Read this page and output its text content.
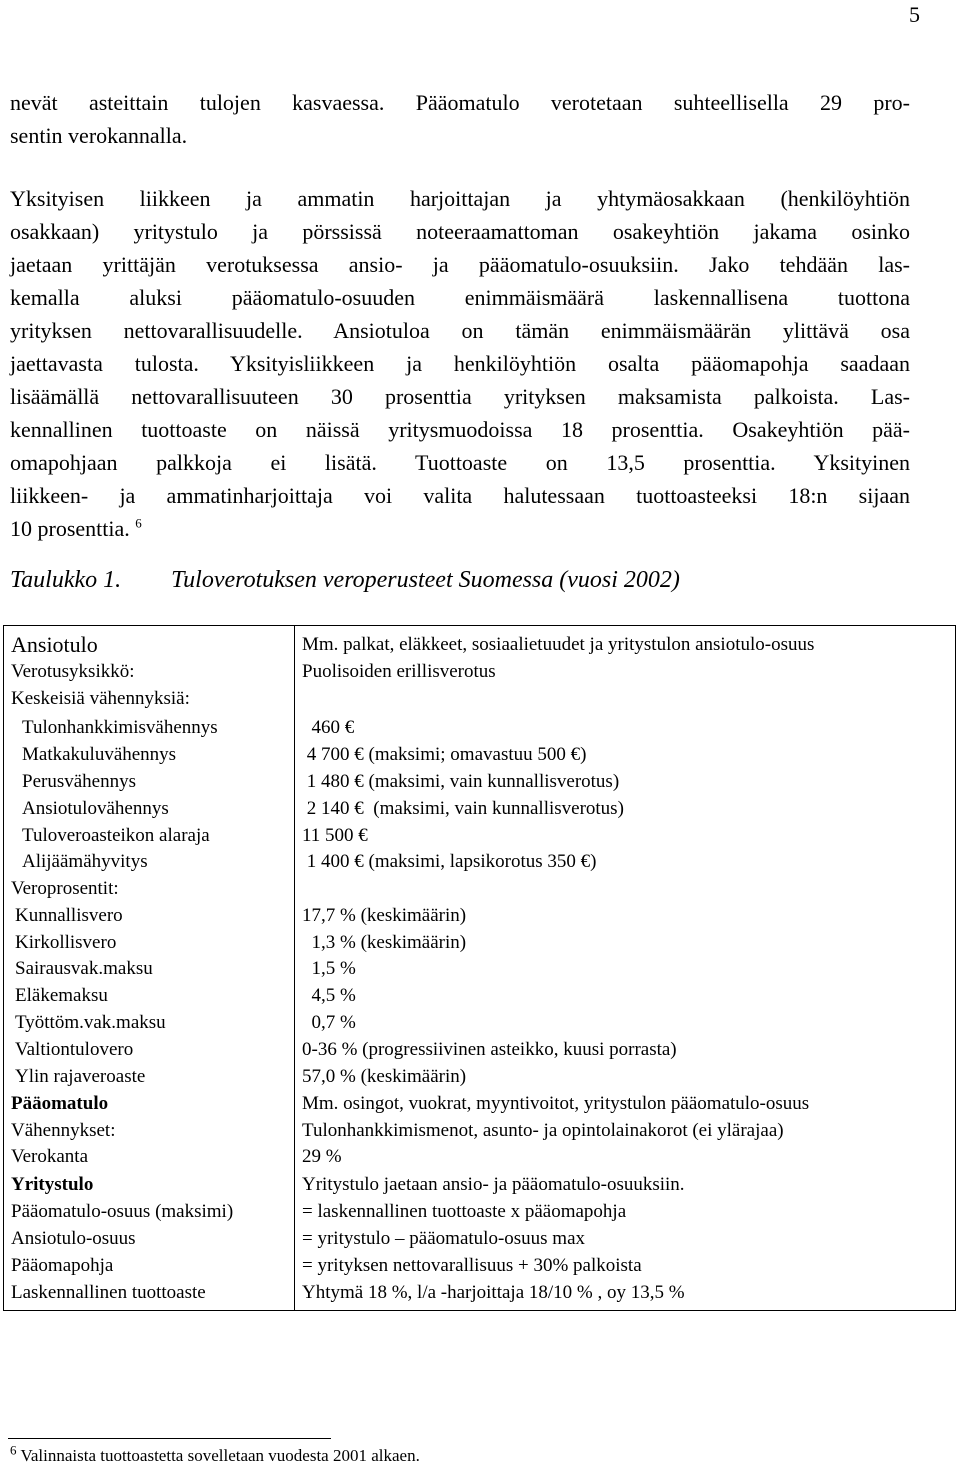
5
nevät asteittain tulojen kasvaessa. Pääomatulo verotetaan suhteellisella 29 pro-
sentin verokannalla.
Yksityisen liikkeen ja ammatin harjoittajan ja yhtymäosakkaan (henkilöyhtiön
osakkaan) yritystulo ja pörssissä noteeraamattoman osakeyhtiön jakama osinko
jaetaan yrittäjän verotuksessa ansio- ja pääomatulo-osuuksiin. Jako tehdään las-
kemalla aluksi pääomatulo-osuuden enimmäismäärä laskennallisena tuottona
yrityksen nettovarallisuudelle. Ansiotuloa on tämän enimmäismäärän ylittävä osa
jaettavasta tulosta. Yksityisliikkeen ja henkilöyhtiön osalta pääomapohja saadaan
lisäämällä nettovarallisuuteen 30 prosenttia yrityksen maksamista palkoista. Las-
kennallinen tuottoaste on näissä yritysmuodoissa 18 prosenttia. Osakeyhtiön pää-
omapohjaan palkkoja ei lisätä. Tuottoaste on 13,5 prosenttia. Yksityinen
liikkeen- ja ammatinharjoittaja voi valita halutessaan tuottoasteeksi 18:n sijaan
10 prosenttia. $^6$
Taulukko 1. Tuloverotuksen veroperusteet Suomessa (vuosi 2002)
Ansiotulo	Mm. palkat, eläkkeet, sosiaalietuudet ja yritystulon ansiotulo-osuus
Verotusyksikkö:	Puolisoiden erillisverotus
Keskeisiä vähennyksiä:
Tulonhankkimisvähennys	460 €
Matkakuluvähennys	4 700 € (maksimi; omavastuu 500 €)
Perusvähennys	1 480 € (maksimi, vain kunnallisverotus)
Ansiotulovähennys	2 140 €  (maksimi, vain kunnallisverotus)
Tuloveroasteikon alaraja	11 500 €
Alijäämähyvitys	1 400 € (maksimi, lapsikorotus 350 €)
Veroprosentit:
Kunnallisvero	17,7 % (keskimäärin)
Kirkollisvero	1,3 % (keskimäärin)
Sairausvak.maksu	1,5 %
Eläkemaksu	4,5 %
Työttöm.vak.maksu	0,7 %
Valtiontulovero	0-36 % (progressiivinen asteikko, kuusi porrasta)
Ylin rajaveroaste	57,0 % (keskimäärin)
Pääomatulo	Mm. osingot, vuokrat, myyntivoitot, yritystulon pääomatulo-osuus
Vähennykset:	Tulonhankkimismenot, asunto- ja opintolainakorot (ei ylärajaa)
Verokanta	29 %
Yritystulo	Yritystulo jaetaan ansio- ja pääomatulo-osuuksiin.
Pääomatulo-osuus (maksimi)	= laskennallinen tuottoaste x pääomapohja
Ansiotulo-osuus	= yritystulo – pääomatulo-osuus max
Pääomapohja	= yrityksen nettovarallisuus + 30% palkoista
Laskennallinen tuottoaste	Yhtymä 18 %, l/a -harjoittaja 18/10 % , oy 13,5 %
$^6$ Valinnaista tuottoastetta sovelletaan vuodesta 2001 alkaen.
